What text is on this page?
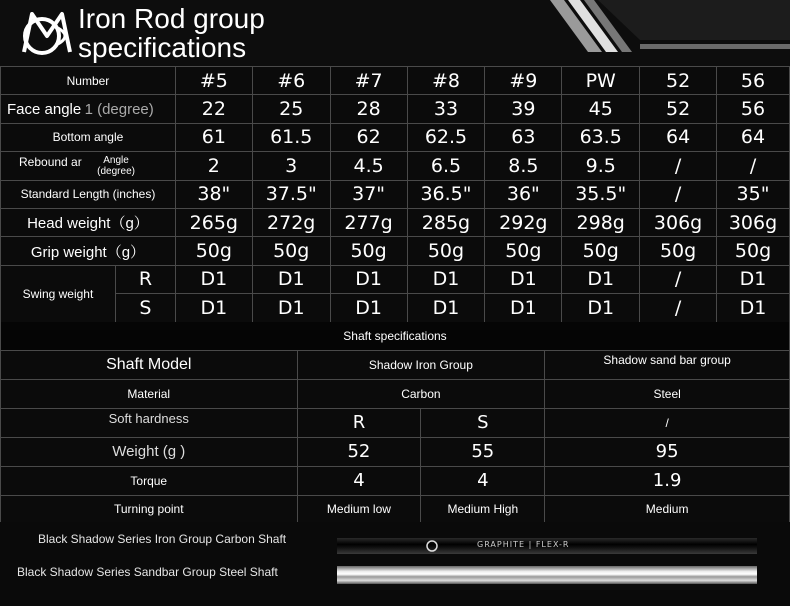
Iron Rod group
specifications
Number		#5	#6	#7	#8	#9	PW	52	56
Face angle 1 (degree)		22	25	28	33	39	45	52	56
Bottom angle		61	61.5	62	62.5	63	63.5	64	64
Rebound ar Angle (degree)		2	3	4.5	6.5	8.5	9.5	/	/
Standard Length (inches)		38"	37.5"	37"	36.5"	36"	35.5"	/	35"
Head weight（g）		265g	272g	277g	285g	292g	298g	306g	306g
Grip weight（g）		50g	50g	50g	50g	50g	50g	50g	50g
Swing weight	R	D1	D1	D1	D1	D1	D1	/	D1
	S	D1	D1	D1	D1	D1	D1	/	D1
Shaft specifications			
Shaft Model	Shadow Iron Group		Shadow sand bar group
Material	Carbon		Steel
Soft hardness	R	S	/
Weight (g )	52	55	95
Torque	4	4	1.9
Turning point	Medium low	Medium High	Medium
Black Shadow Series Iron Group Carbon Shaft
Black Shadow Series Sandbar Group Steel Shaft
GRAPHITE | FLEX-R
